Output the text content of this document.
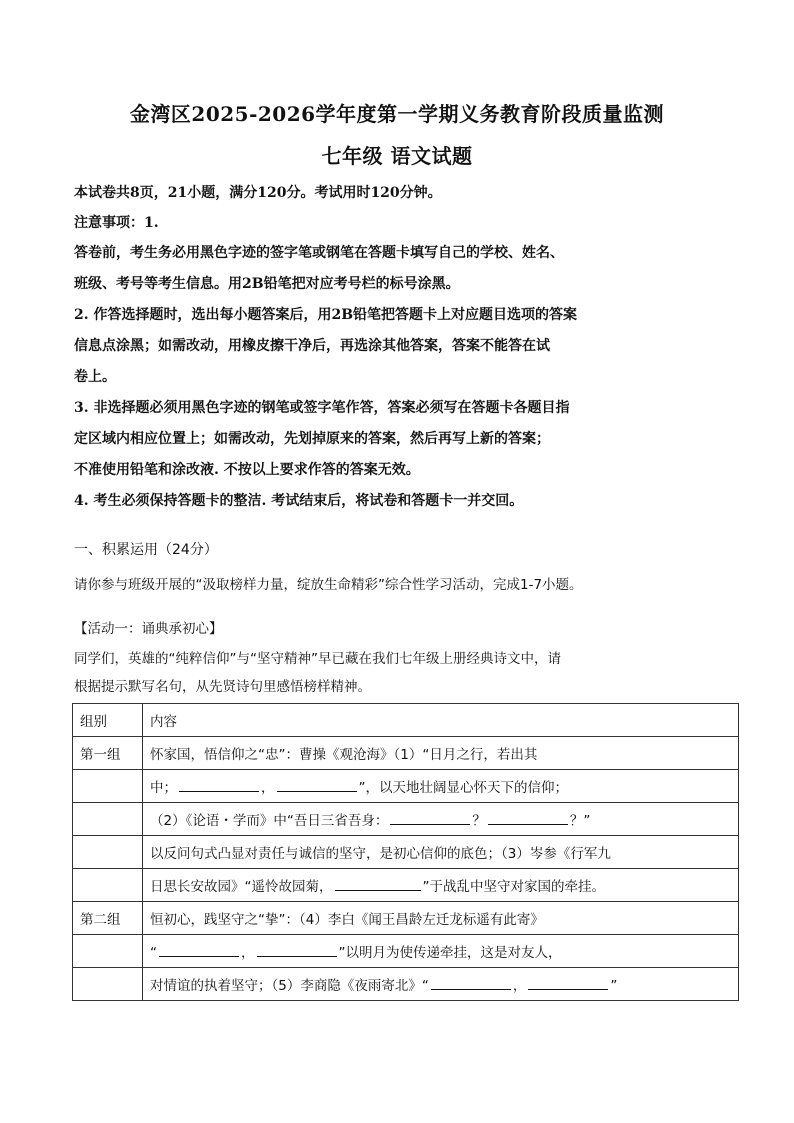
金湾区2025-2026学年度第一学期义务教育阶段质量监测
七年级 语文试题
本试卷共8页，21小题，满分120分。考试用时120分钟。
注意事项：1.
答卷前，考生务必用黑色字迹的签字笔或钢笔在答题卡填写自己的学校、姓名、
班级、考号等考生信息。用2B铅笔把对应考号栏的标号涂黑。
2. 作答选择题时，选出每小题答案后，用2B铅笔把答题卡上对应题目选项的答案
信息点涂黑；如需改动，用橡皮擦干净后，再选涂其他答案，答案不能答在试
卷上。
3. 非选择题必须用黑色字迹的钢笔或签字笔作答，答案必须写在答题卡各题目指
定区域内相应位置上；如需改动，先划掉原来的答案，然后再写上新的答案；
不准使用铅笔和涂改液. 不按以上要求作答的答案无效。
4. 考生必须保持答题卡的整洁. 考试结束后，将试卷和答题卡一并交回。
一、积累运用（24分）
请你参与班级开展的“汲取榜样力量，绽放生命精彩”综合性学习活动，完成1-7小题。
【活动一：诵典承初心】
同学们，英雄的“纯粹信仰”与“坚守精神”早已藏在我们七年级上册经典诗文中，请
根据提示默写名句，从先贤诗句里感悟榜样精神。
组别	内容
第一组	怀家国，悟信仰之“忠”：曹操《观沧海》（1）“日月之行，若出其
	中； ， ”，以天地壮阔显心怀天下的信仰；
	（2）《论语・学而》中“吾日三省吾身： ？ ？”
	以反问句式凸显对责任与诚信的坚守，是初心信仰的底色；（3）岑参《行军九
	日思长安故园》“遥怜故园菊， ”于战乱中坚守对家国的牵挂。
第二组	恒初心，践坚守之“挚”：（4）李白《闻王昌龄左迁龙标遥有此寄》
	“ ， ”以明月为使传递牵挂，这是对友人，
	对情谊的执着坚守；（5）李商隐《夜雨寄北》“ ， ”
